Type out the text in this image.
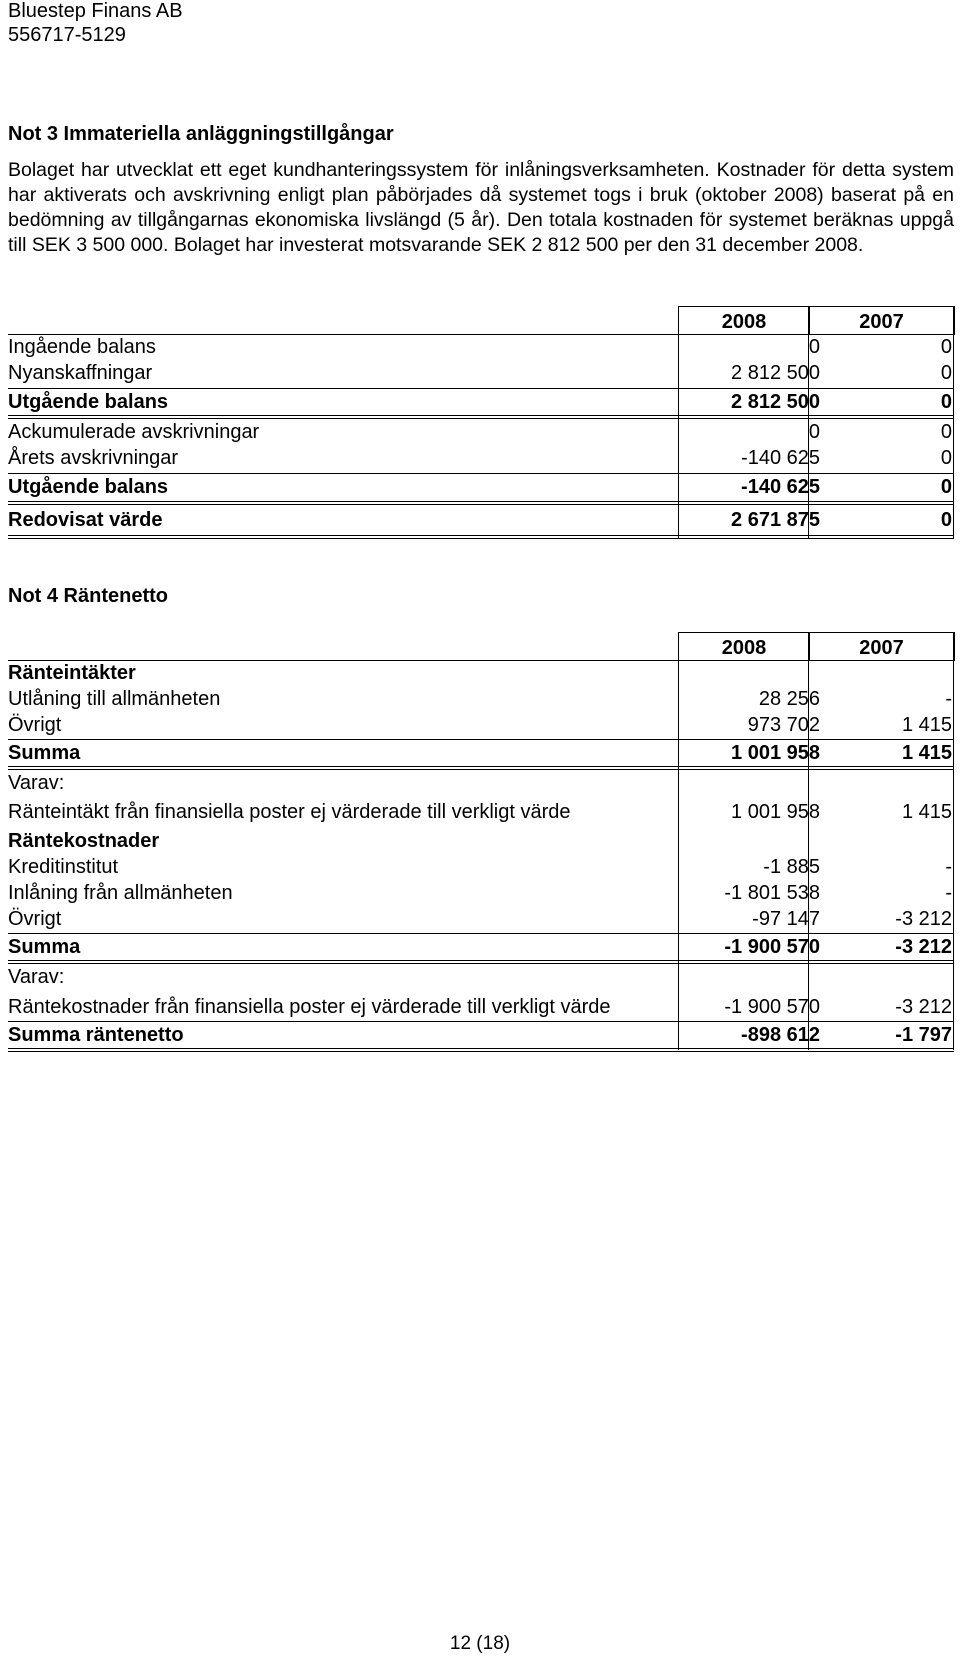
Bluestep Finans AB
556717-5129
Not 3 Immateriella anläggningstillgångar

Bolaget har utvecklat ett eget kundhanteringssystem för inlåningsverksamheten. Kostnader för detta system har aktiverats och avskrivning enligt plan påbörjades då systemet togs i bruk (oktober 2008) baserat på en bedömning av tillgångarnas ekonomiska livslängd (5 år). Den totala kostnaden för systemet beräknas uppgå till SEK 3 500 000. Bolaget har investerat motsvarande SEK 2 812 500 per den 31 december 2008.

2008	2007
Ingående balans	0	0
Nyanskaffningar	2 812 500	0
Utgående balans	2 812 500	0
Ackumulerade avskrivningar	0	0
Årets avskrivningar	-140 625	0
Utgående balans	-140 625	0
Redovisat värde	2 671 875	0
Not 4 Räntenetto
2008	2007
Ränteintäkter
Utlåning till allmänheten	28 256	-
Övrigt	973 702	1 415
Summa	1 001 958	1 415
Varav:
Ränteintäkt från finansiella poster ej värderade till verkligt värde	1 001 958	1 415
Räntekostnader
Kreditinstitut	-1 885	-
Inlåning från allmänheten	-1 801 538	-
Övrigt	-97 147	-3 212
Summa	-1 900 570	-3 212
Varav:
Räntekostnader från finansiella poster ej värderade till verkligt värde	-1 900 570	-3 212
Summa räntenetto	-898 612	-1 797
12 (18)
